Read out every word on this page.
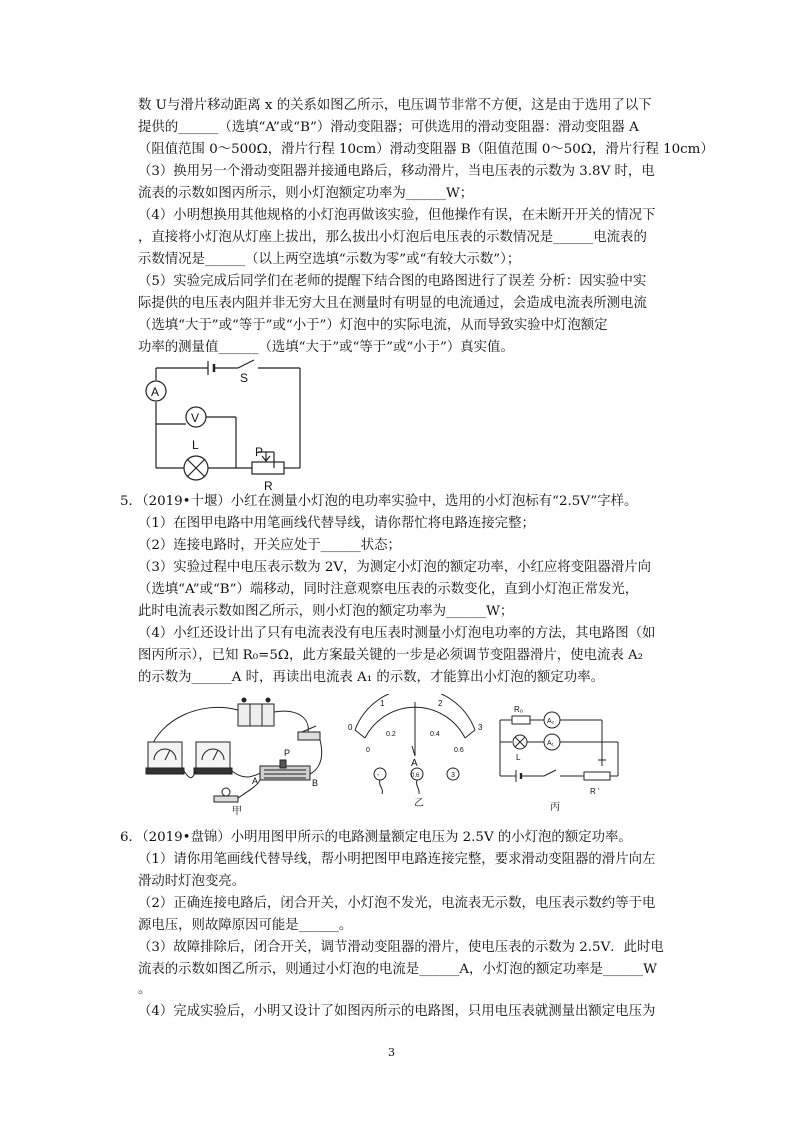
数 U与滑片移动距离 x 的关系如图乙所示，电压调节非常不方便，这是由于选用了以下
提供的______（选填“A”或“B”）滑动变阻器；可供选用的滑动变阻器：滑动变阻器 A
（阻值范围 0～500Ω，滑片行程 10cm）滑动变阻器 B（阻值范围 0～50Ω，滑片行程 10cm）
（3）换用另一个滑动变阻器并接通电路后，移动滑片，当电压表的示数为 3.8V 时，电
流表的示数如图丙所示，则小灯泡额定功率为______W；
（4）小明想换用其他规格的小灯泡再做该实验，但他操作有误，在未断开开关的情况下
，直接将小灯泡从灯座上拔出，那么拔出小灯泡后电压表的示数情况是______电流表的
示数情况是______（以上两空选填“示数为零”或“有较大示数”）；
（5）实验完成后同学们在老师的提醒下结合图的电路图进行了误差 分析：因实验中实
际提供的电压表内阻并非无穷大且在测量时有明显的电流通过，会造成电流表所测电流
（选填“大于”或“等于”或“小于”）灯泡中的实际电流，从而导致实验中灯泡额定
功率的测量值______（选填“大于”或“等于”或“小于”）真实值。
A
V
S
L	P
R
5．（2019•十堰）小红在测量小灯泡的电功率实验中，选用的小灯泡标有“2.5V”字样。
（1）在图甲电路中用笔画线代替导线，请你帮忙将电路连接完整；
（2）连接电路时，开关应处于______状态；
（3）实验过程中电压表示数为 2V，为测定小灯泡的额定功率，小红应将变阻器滑片向
（选填“A”或“B”）端移动，同时注意观察电压表的示数变化，直到小灯泡正常发光，
此时电流表示数如图乙所示，则小灯泡的额定功率为______W；
（4）小红还设计出了只有电流表没有电压表时测量小灯泡电功率的方法，其电路图（如
图丙所示），已知 R₀=5Ω，此方案最关键的一步是必须调节变阻器滑片，使电流表 A₂
的示数为______A 时，再读出电流表 A₁ 的示数，才能算出小灯泡的额定功率。
P
A	B
甲
0
1	2
3
0
0.2	0.4
0.6
A
-	0.6	3
乙
R₀
A₂
A₁
L
R '
丙
6．（2019•盘锦）小明用图甲所示的电路测量额定电压为 2.5V 的小灯泡的额定功率。
（1）请你用笔画线代替导线，帮小明把图甲电路连接完整，要求滑动变阻器的滑片向左
滑动时灯泡变亮。
（2）正确连接电路后，闭合开关，小灯泡不发光，电流表无示数，电压表示数约等于电
源电压，则故障原因可能是______。
（3）故障排除后，闭合开关，调节滑动变阻器的滑片，使电压表的示数为 2.5V．此时电
流表的示数如图乙所示，则通过小灯泡的电流是______A，小灯泡的额定功率是______W
。
（4）完成实验后，小明又设计了如图丙所示的电路图，只用电压表就测量出额定电压为
3
